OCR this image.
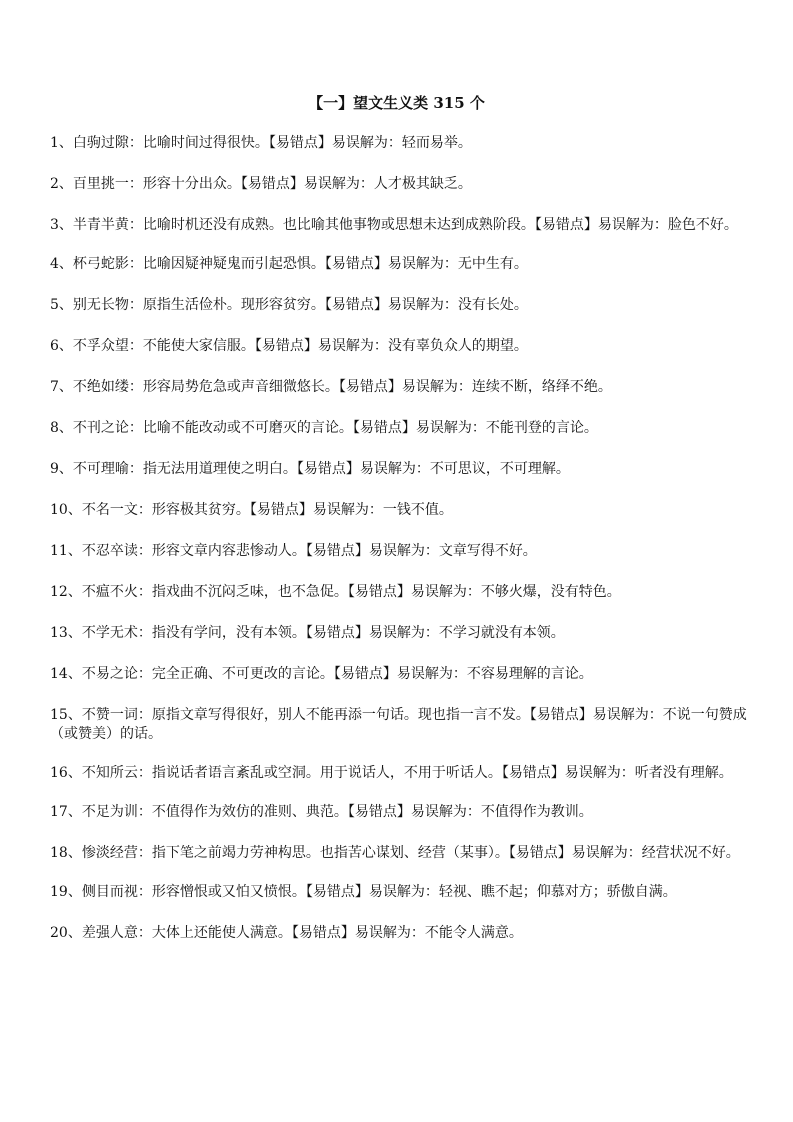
【一】望文生义类 315 个
1、白驹过隙：比喻时间过得很快。【易错点】易误解为：轻而易举。
2、百里挑一：形容十分出众。【易错点】易误解为：人才极其缺乏。
3、半青半黄：比喻时机还没有成熟。也比喻其他事物或思想未达到成熟阶段。【易错点】易误解为：脸色不好。
4、杯弓蛇影：比喻因疑神疑鬼而引起恐惧。【易错点】易误解为：无中生有。
5、别无长物：原指生活俭朴。现形容贫穷。【易错点】易误解为：没有长处。
6、不孚众望：不能使大家信服。【易错点】易误解为：没有辜负众人的期望。
7、不绝如缕：形容局势危急或声音细微悠长。【易错点】易误解为：连续不断，络绎不绝。
8、不刊之论：比喻不能改动或不可磨灭的言论。【易错点】易误解为：不能刊登的言论。
9、不可理喻：指无法用道理使之明白。【易错点】易误解为：不可思议，不可理解。
10、不名一文：形容极其贫穷。【易错点】易误解为：一钱不值。
11、不忍卒读：形容文章内容悲惨动人。【易错点】易误解为：文章写得不好。
12、不瘟不火：指戏曲不沉闷乏味，也不急促。【易错点】易误解为：不够火爆，没有特色。
13、不学无术：指没有学问，没有本领。【易错点】易误解为：不学习就没有本领。
14、不易之论：完全正确、不可更改的言论。【易错点】易误解为：不容易理解的言论。
15、不赞一词：原指文章写得很好，别人不能再添一句话。现也指一言不发。【易错点】易误解为：不说一句赞成（或赞美）的话。
16、不知所云：指说话者语言紊乱或空洞。用于说话人，不用于听话人。【易错点】易误解为：听者没有理解。
17、不足为训：不值得作为效仿的准则、典范。【易错点】易误解为：不值得作为教训。
18、惨淡经营：指下笔之前竭力劳神构思。也指苦心谋划、经营（某事）。【易错点】易误解为：经营状况不好。
19、侧目而视：形容憎恨或又怕又愤恨。【易错点】易误解为：轻视、瞧不起；仰慕对方；骄傲自满。
20、差强人意：大体上还能使人满意。【易错点】易误解为：不能令人满意。
